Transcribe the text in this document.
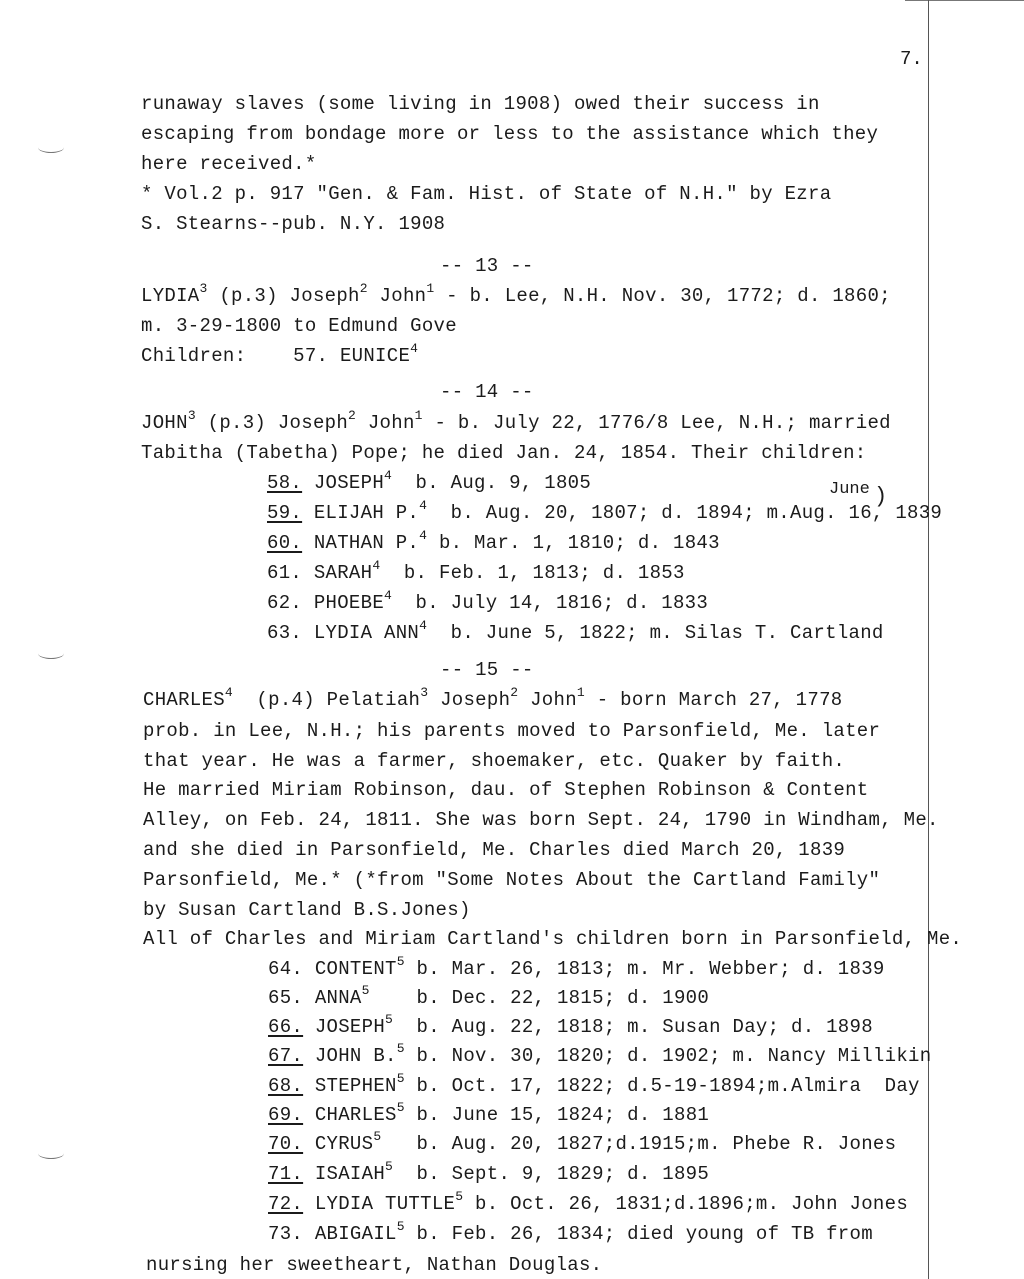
7.
runaway slaves (some living in 1908) owed their success in
escaping from bondage more or less to the assistance which they
here received.*
* Vol.2 p. 917 "Gen. & Fam. Hist. of State of N.H." by Ezra
S. Stearns--pub. N.Y. 1908
-- 13 --
LYDIA$^3$ (p.3) Joseph$^2$ John$^1$ - b. Lee, N.H. Nov. 30, 1772; d. 1860;
m. 3-29-1800 to Edmund Gove
Children: 57. EUNICE$^4$
-- 14 --
JOHN$^3$ (p.3) Joseph$^2$ John$^1$ - b. July 22, 1776/8 Lee, N.H.; married
Tabitha (Tabetha) Pope; he died Jan. 24, 1854. Their children:
June )
58. JOSEPH$^4$  b. Aug. 9, 1805
59. ELIJAH P.$^4$  b. Aug. 20, 1807; d. 1894; m.Aug. 16, 1839
60. NATHAN P.$^4$ b. Mar. 1, 1810; d. 1843
61. SARAH$^4$  b. Feb. 1, 1813; d. 1853
62. PHOEBE$^4$  b. July 14, 1816; d. 1833
63. LYDIA ANN$^4$  b. June 5, 1822; m. Silas T. Cartland
-- 15 --
CHARLES$^4$  (p.4) Pelatiah$^3$ Joseph$^2$ John$^1$ - born March 27, 1778
prob. in Lee, N.H.; his parents moved to Parsonfield, Me. later
that year. He was a farmer, shoemaker, etc. Quaker by faith.
He married Miriam Robinson, dau. of Stephen Robinson & Content
Alley, on Feb. 24, 1811. She was born Sept. 24, 1790 in Windham, Me.
and she died in Parsonfield, Me. Charles died March 20, 1839
Parsonfield, Me.* (*from "Some Notes About the Cartland Family"
by Susan Cartland B.S.Jones)
All of Charles and Miriam Cartland's children born in Parsonfield, Me.
64. CONTENT$^5$ b. Mar. 26, 1813; m. Mr. Webber; d. 1839
65. ANNA$^5$    b. Dec. 22, 1815; d. 1900
66. JOSEPH$^5$  b. Aug. 22, 1818; m. Susan Day; d. 1898
67. JOHN B.$^5$ b. Nov. 30, 1820; d. 1902; m. Nancy Millikin
68. STEPHEN$^5$ b. Oct. 17, 1822; d.5-19-1894;m.Almira  Day
69. CHARLES$^5$ b. June 15, 1824; d. 1881
70. CYRUS$^5$   b. Aug. 20, 1827;d.1915;m. Phebe R. Jones
71. ISAIAH$^5$  b. Sept. 9, 1829; d. 1895
72. LYDIA TUTTLE$^5$ b. Oct. 26, 1831;d.1896;m. John Jones
73. ABIGAIL$^5$ b. Feb. 26, 1834; died young of TB from
nursing her sweetheart, Nathan Douglas.
